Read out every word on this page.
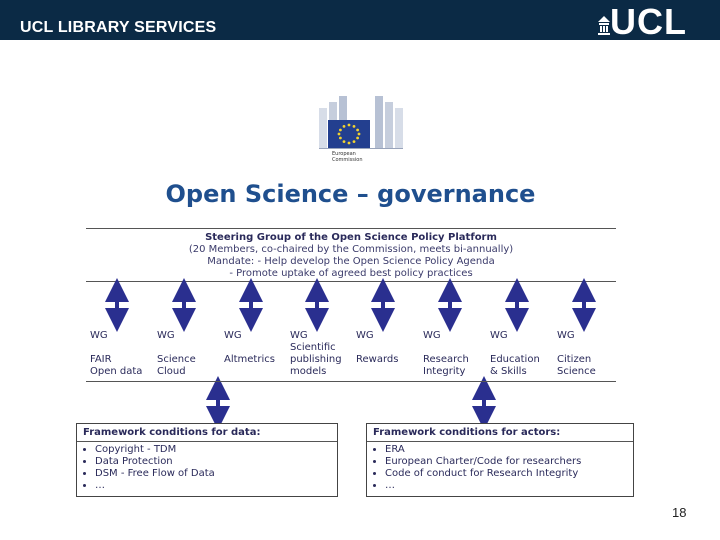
UCL LIBRARY SERVICES	UCL
European
Commission
Open Science – governance
Steering Group of the Open Science Policy Platform
(20 Members, co-chaired by the Commission, meets bi-annually)
Mandate: - Help develop the Open Science Policy Agenda
- Promote uptake of agreed best policy practices
WG

FAIR
Open data
WG

Science
Cloud
WG

Altmetrics
WG
Scientific
publishing
models
WG

Rewards
WG

Research
Integrity
WG

Education
& Skills
WG

Citizen
Science
Framework conditions for data:
• Copyright - TDM
• Data Protection
• DSM - Free Flow of Data
• …
Framework conditions for actors:
• ERA
• European Charter/Code for researchers
• Code of conduct for Research Integrity
• …
18
